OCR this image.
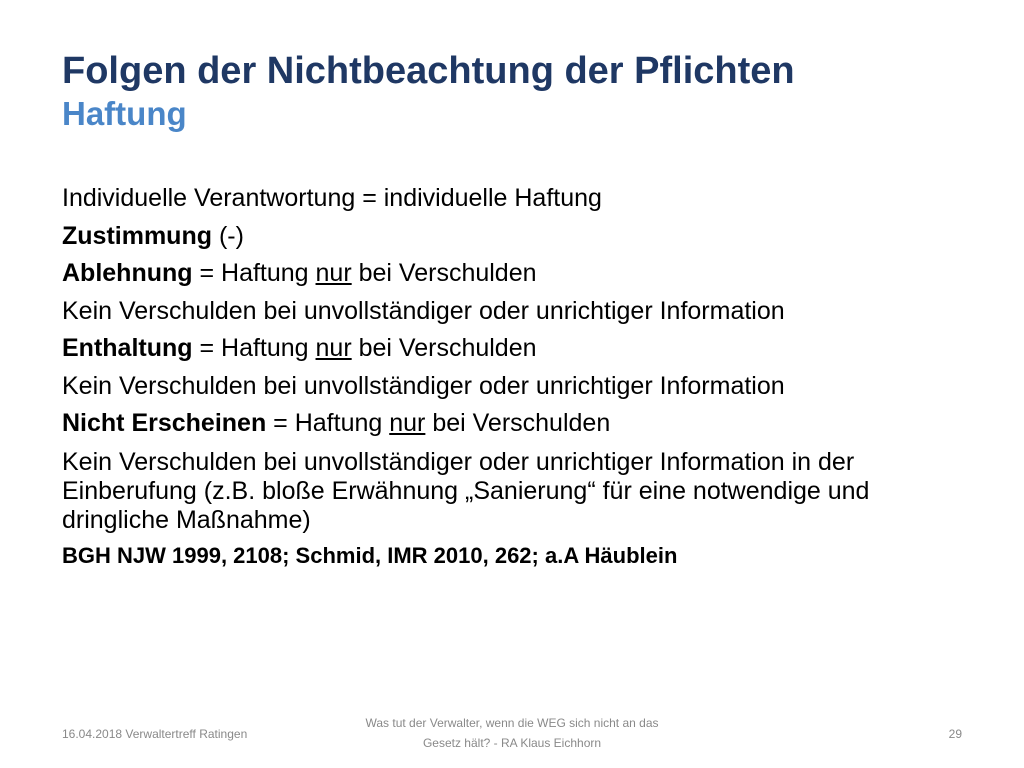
Folgen der Nichtbeachtung der Pflichten
Haftung
Individuelle Verantwortung = individuelle Haftung
Zustimmung (-)
Ablehnung = Haftung nur bei Verschulden
Kein Verschulden bei unvollständiger oder unrichtiger Information
Enthaltung = Haftung nur bei Verschulden
Kein Verschulden bei unvollständiger oder unrichtiger Information
Nicht Erscheinen = Haftung nur bei Verschulden
Kein Verschulden bei unvollständiger oder unrichtiger Information in der Einberufung (z.B. bloße Erwähnung „Sanierung“ für eine notwendige und dringliche Maßnahme)
BGH NJW 1999, 2108; Schmid, IMR 2010, 262; a.A Häublein
16.04.2018 Verwaltertreff Ratingen
Was tut der Verwalter, wenn die WEG sich nicht an das Gesetz hält? - RA Klaus Eichhorn
29
